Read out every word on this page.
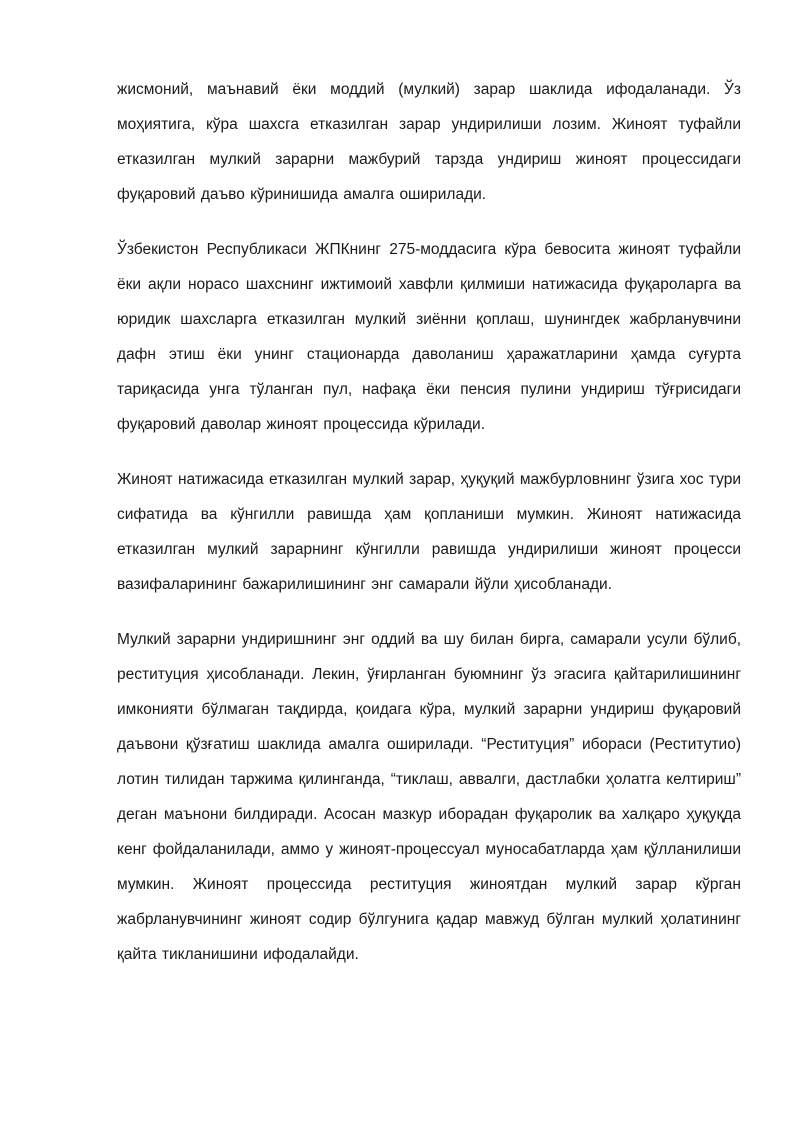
жисмоний, маънавий ёки моддий (мулкий) зарар шаклида ифодаланади. Ўз моҳиятига, кўра шахсга етказилган зарар ундирилиши лозим. Жиноят туфайли етказилган мулкий зарарни мажбурий тарзда ундириш жиноят процессидаги фуқаровий даъво кўринишида амалга оширилади.

Ўзбекистон Республикаси ЖПКнинг 275-моддасига кўра бевосита жиноят туфайли ёки ақли норасо шахснинг ижтимоий хавфли қилмиши натижасида фуқароларга ва юридик шахсларга етказилган мулкий зиённи қоплаш, шунингдек жабрланувчини дафн этиш ёки унинг стационарда даволаниш ҳаражатларини ҳамда суғурта тариқасида унга тўланган пул, нафақа ёки пенсия пулини ундириш тўғрисидаги фуқаровий даволар жиноят процессида кўрилади.

Жиноят натижасида етказилган мулкий зарар, ҳуқуқий мажбурловнинг ўзига хос тури сифатида ва кўнгилли равишда ҳам қопланиши мумкин. Жиноят натижасида етказилган мулкий зарарнинг кўнгилли равишда ундирилиши жиноят процесси вазифаларининг бажарилишининг энг самарали йўли ҳисобланади.

Мулкий зарарни ундиришнинг энг оддий ва шу билан бирга, самарали усули бўлиб, реституция ҳисобланади. Лекин, ўғирланган буюмнинг ўз эгасига қайтарилишининг имконияти бўлмаган тақдирда, қоидага кўра, мулкий зарарни ундириш фуқаровий даъвони қўзғатиш шаклида амалга оширилади. “Реституция” ибораси (Реститутио) лотин тилидан таржима қилинганда, “тиклаш, аввалги, дастлабки ҳолатга келтириш” деган маънони билдиради. Асосан мазкур иборадан фуқаролик ва халқаро ҳуқуқда кенг фойдаланилади, аммо у жиноят-процессуал муносабатларда ҳам қўлланилиши мумкин. Жиноят процессида реституция жиноятдан мулкий зарар кўрган жабрланувчининг жиноят содир бўлгунига қадар мавжуд бўлган мулкий ҳолатининг қайта тикланишини ифодалайди.
